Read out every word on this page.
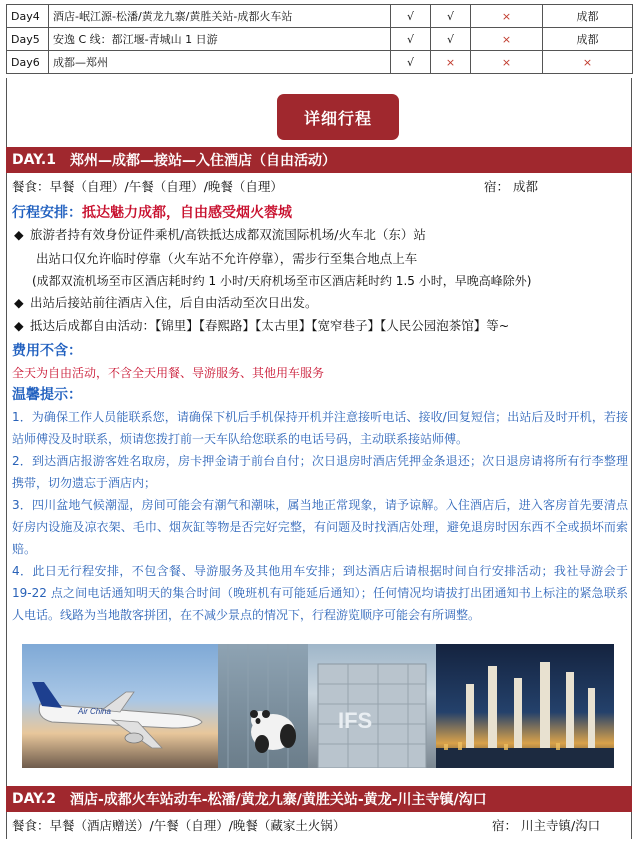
Day4	酒店-岷江源-松潘/黄龙九寨/黄胜关站-成都火车站	√	√	×	成都
Day5	安逸 C 线：都江堰-青城山 1 日游	√	√	×	成都
Day6	成都—郑州	√	×	×	×
详细行程
DAY.1 郑州—成都—接站—入住酒店（自由活动）
餐食：早餐（自理）/午餐（自理）/晚餐（自理）	宿： 成都
行程安排：抵达魅力成都，自由感受烟火蓉城
◆ 旅游者持有效身份证件乘机/高铁抵达成都双流国际机场/火车北（东）站
出站口仅允许临时停靠（火车站不允许停靠），需步行至集合地点上车
(成都双流机场至市区酒店耗时约 1 小时/天府机场至市区酒店耗时约 1.5 小时，早晚高峰除外)
◆ 出站后接站前往酒店入住，后自由活动至次日出发。
◆ 抵达后成都自由活动：【锦里】【春熙路】【太古里】【宽窄巷子】【人民公园泡茶馆】等~
费用不含：
全天为自由活动，不含全天用餐、导游服务、其他用车服务
温馨提示：

1．为确保工作人员能联系您，请确保下机后手机保持开机并注意接听电话、接收/回复短信；出站后及时开机，若接站师傅没及时联系，烦请您拨打前一天车队给您联系的电话号码，主动联系接站师傅。

2．到达酒店报游客姓名取房，房卡押金请于前台自付；次日退房时酒店凭押金条退还；次日退房请将所有行李整理携带，切勿遗忘于酒店内；

3．四川盆地气候潮湿，房间可能会有潮气和潮味，属当地正常现象，请予谅解。入住酒店后，进入客房首先要清点好房内设施及凉衣架、毛巾、烟灰缸等物是否完好完整，有问题及时找酒店处理，避免退房时因东西不全或损坏而索赔。

4．此日无行程安排，不包含餐、导游服务及其他用车安排；到达酒店后请根据时间自行安排活动；我社导游会于 19-22 点之间电话通知明天的集合时间（晚班机有可能延后通知）；任何情况均请拔打出团通知书上标注的紧急联系人电话。线路为当地散客拼团，在不减少景点的情况下，行程游览顺序可能会有所调整。

Air China	IFS
DAY.2 酒店-成都火车站动车-松潘/黄龙九寨/黄胜关站-黄龙-川主寺镇/沟口
餐食：早餐（酒店赠送）/午餐（自理）/晚餐（藏家土火锅）	宿： 川主寺镇/沟口
